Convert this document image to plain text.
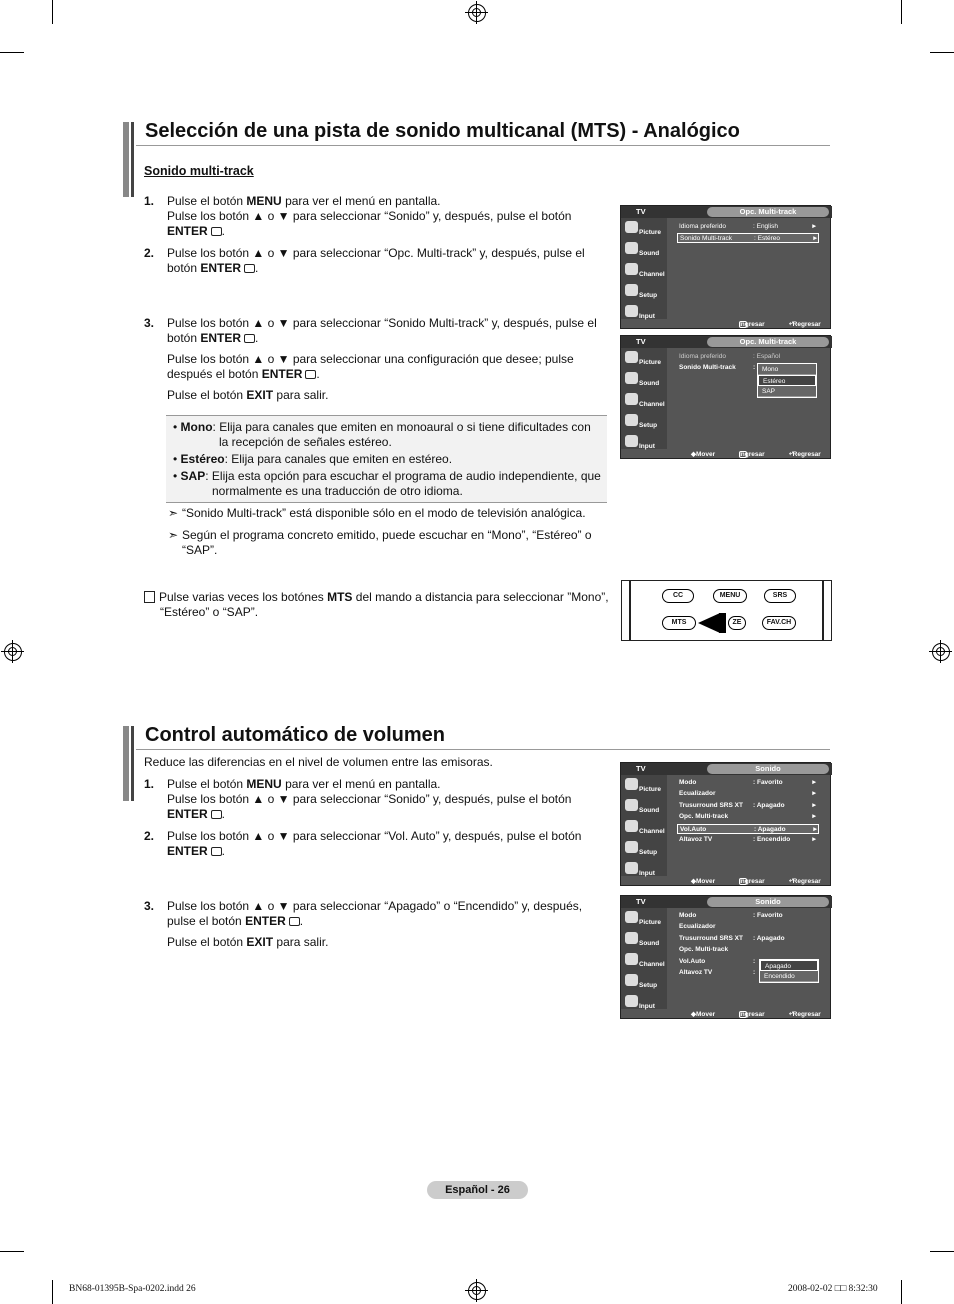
Selección de una pista de sonido multicanal (MTS) - Analógico
Sonido multi-track
1. Pulse el botón MENU para ver el menú en pantalla.
Pulse los botón ▲ o ▼ para seleccionar “Sonido” y, después, pulse el botón
ENTER .
2. Pulse los botón ▲ o ▼ para seleccionar “Opc. Multi-track” y, después, pulse el
botón ENTER .
3. Pulse los botón ▲ o ▼ para seleccionar “Sonido Multi-track” y, después, pulse el
botón ENTER .
Pulse los botón ▲ o ▼ para seleccionar una configuración que desee; pulse
después el botón ENTER .
Pulse el botón EXIT para salir.
• Mono: Elija para canales que emiten en monoaural o si tiene dificultades con
la recepción de señales estéreo.
• Estéreo: Elija para canales que emiten en estéreo.
• SAP: Elija esta opción para escuchar el programa de audio independiente, que
normalmente es una traducción de otro idioma.
➣ “Sonido Multi-track” está disponible sólo en el modo de televisión analógica.
➣ Según el programa concreto emitido, puede escuchar en “Mono”, “Estéreo” o
“SAP”.
Pulse varias veces los botónes MTS del mando a distancia para seleccionar ”Mono”,
“Estéreo” o “SAP”.
TV	Opc. Multi-track
Picture
Sound
Channel
Setup
Input
Idioma preferido	: English	►
Sonido Multi-track	: Estéreo	►
Ingresar	⤶ Regresar
TV	Opc. Multi-track
Picture
Sound
Channel
Setup
Input
Idioma preferido	: Español
Sonido Multi-track	:	Mono
Estéreo
SAP
◆ Mover	Ingresar	⤶ Regresar
CC	MENU	SRS
MTS	ZE	FAV.CH
Control automático de volumen
Reduce las diferencias en el nivel de volumen entre las emisoras.
1. Pulse el botón MENU para ver el menú en pantalla.
Pulse los botón ▲ o ▼ para seleccionar “Sonido” y, después, pulse el botón
ENTER .
2. Pulse los botón ▲ o ▼ para seleccionar “Vol. Auto” y, después, pulse el botón
ENTER .
3. Pulse los botón ▲ o ▼ para seleccionar “Apagado” o “Encendido” y, después,
pulse el botón ENTER .
Pulse el botón EXIT para salir.
TV	Sonido
Picture
Sound
Channel
Setup
Input
Modo	: Favorito	►
Ecualizador	►
Trusurround SRS XT : Apagado	►
Opc. Multi-track	►
Vol.Auto	: Apagado	►
Altavoz TV	: Encendido	►
◆ Mover	Ingresar	⤶ Regresar
TV	Sonido
Picture
Sound
Channel
Setup
Input
Modo	: Favorito
Ecualizador
Trusurround SRS XT : Apagado
Opc. Multi-track
Vol.Auto	:
Altavoz TV	:
Apagado
Encendido
◆ Mover	Ingresar	⤶ Regresar
Español - 26
BN68-01395B-Spa-0202.indd 26	2008-02-02 □□ 8:32:30
